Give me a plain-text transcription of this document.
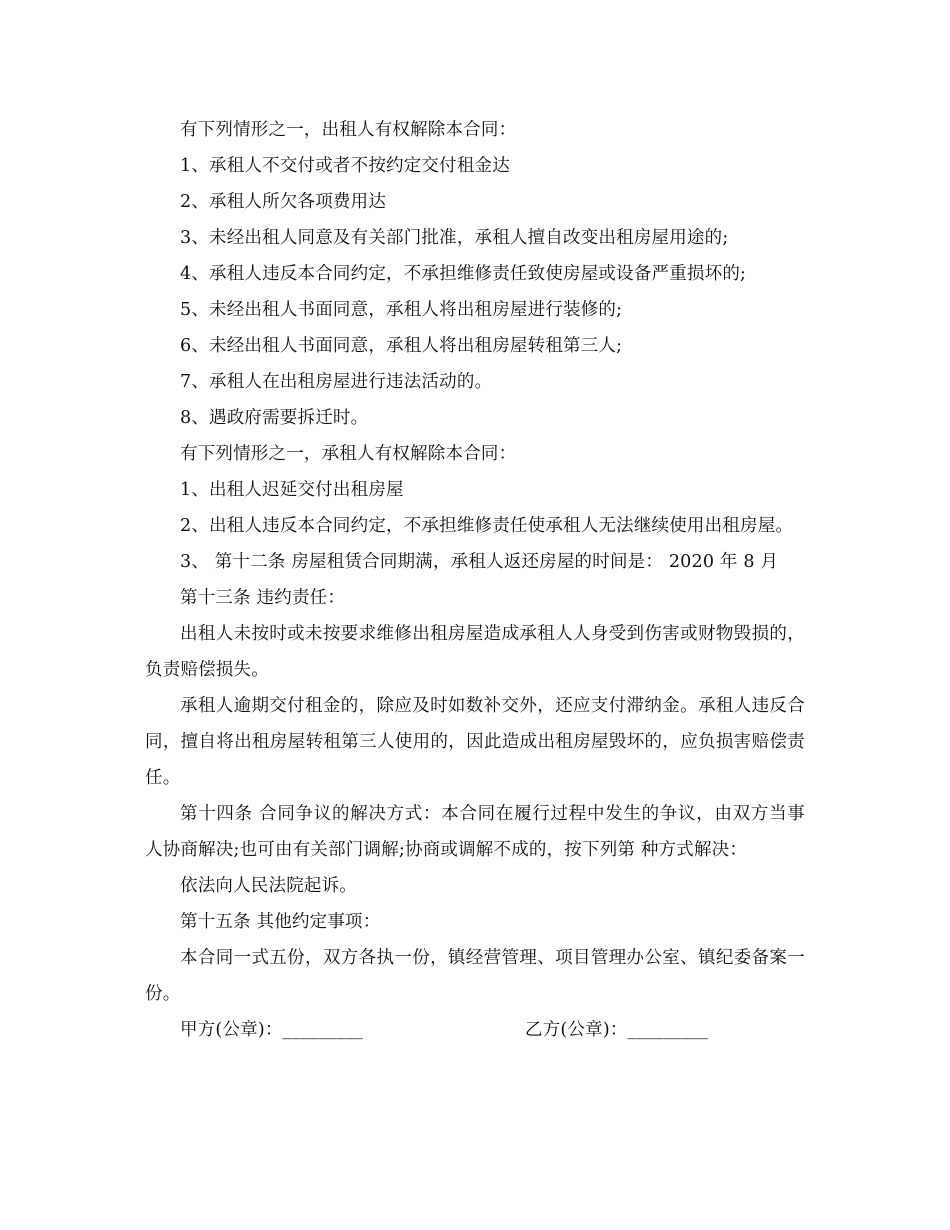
有下列情形之一，出租人有权解除本合同：

1、承租人不交付或者不按约定交付租金达

2、承租人所欠各项费用达

3、未经出租人同意及有关部门批准，承租人擅自改变出租房屋用途的;

4、承租人违反本合同约定，不承担维修责任致使房屋或设备严重损坏的;

5、未经出租人书面同意，承租人将出租房屋进行装修的;

6、未经出租人书面同意，承租人将出租房屋转租第三人;

7、承租人在出租房屋进行违法活动的。

8、遇政府需要拆迁时。

有下列情形之一，承租人有权解除本合同：

1、出租人迟延交付出租房屋

2、出租人违反本合同约定，不承担维修责任使承租人无法继续使用出租房屋。

3、 第十二条 房屋租赁合同期满，承租人返还房屋的时间是： 2020 年 8 月

第十三条 违约责任：

出租人未按时或未按要求维修出租房屋造成承租人人身受到伤害或财物毁损的，负责赔偿损失。

承租人逾期交付租金的，除应及时如数补交外，还应支付滞纳金。承租人违反合同，擅自将出租房屋转租第三人使用的，因此造成出租房屋毁坏的，应负损害赔偿责任。

第十四条 合同争议的解决方式：本合同在履行过程中发生的争议，由双方当事人协商解决;也可由有关部门调解;协商或调解不成的，按下列第 种方式解决：

依法向人民法院起诉。

第十五条 其他约定事项：

本合同一式五份，双方各执一份，镇经营管理、项目管理办公室、镇纪委备案一份。

甲方(公章)：_________	乙方(公章)：_________
